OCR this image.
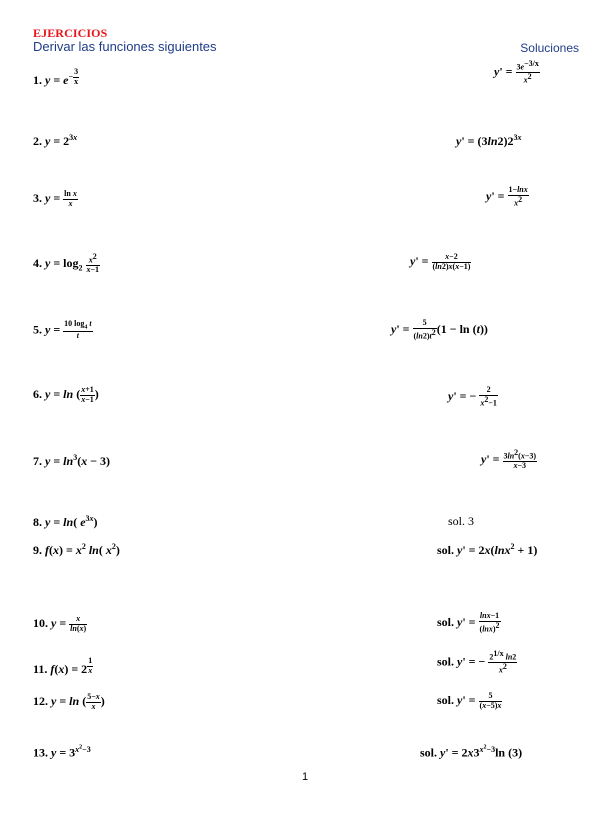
EJERCICIOS
Derivar las funciones siguientes	Soluciones
1. $y = e^{- \frac{3}{x}}$	$y' = \frac{3e^{-3/x}}{x^2}$
2. $y = 2^{3x}$	$y' = (3\ln 2)2^{3x}$
3. $y = \frac{\text{ln x}}{x}$	$y' = \frac{1-\ln x}{x^2}$
4. $y = \log_2 \frac{x^2}{x-1}$	$y' = \frac{x-2}{(\ln 2)x(x-1)}$
5. $y = \frac{10 \log_4 t}{t}$	$y' = \frac{5}{(\ln 2)t^2} (1 - \ln (t))$
6. y = ln ( $\frac{x+1}{x-1}$ )	y' = − $\frac{2}{x^2-1}$
7. $y = \ln^3(x - 3)$	$y' = \frac{3\ln^2(x-3)}{x-3}$
8. y = ln( $e^{3x}$)	sol. 3
9. $f(x) = x^2$ ln( $x^2$)	sol. y' = 2x(lnx$^2$ + 1)
10. $y = \frac{x}{\ln(x)}$	sol. $y' = \frac{\ln x-1}{(\ln x)^2}$
11. f(x) = 2 $^{\frac{1}{x}}$	sol. y' = − $\frac{2^{1/x} \ln 2}{x^2}$
12. y = ln ( $\frac{5-x}{x}$ )	sol. $y' = \frac{5}{(x-5)x}$
13. $y = 3^{x^2-3}$	sol. $y' = 2x3^{x^2-3}\ln$ (3)
1
